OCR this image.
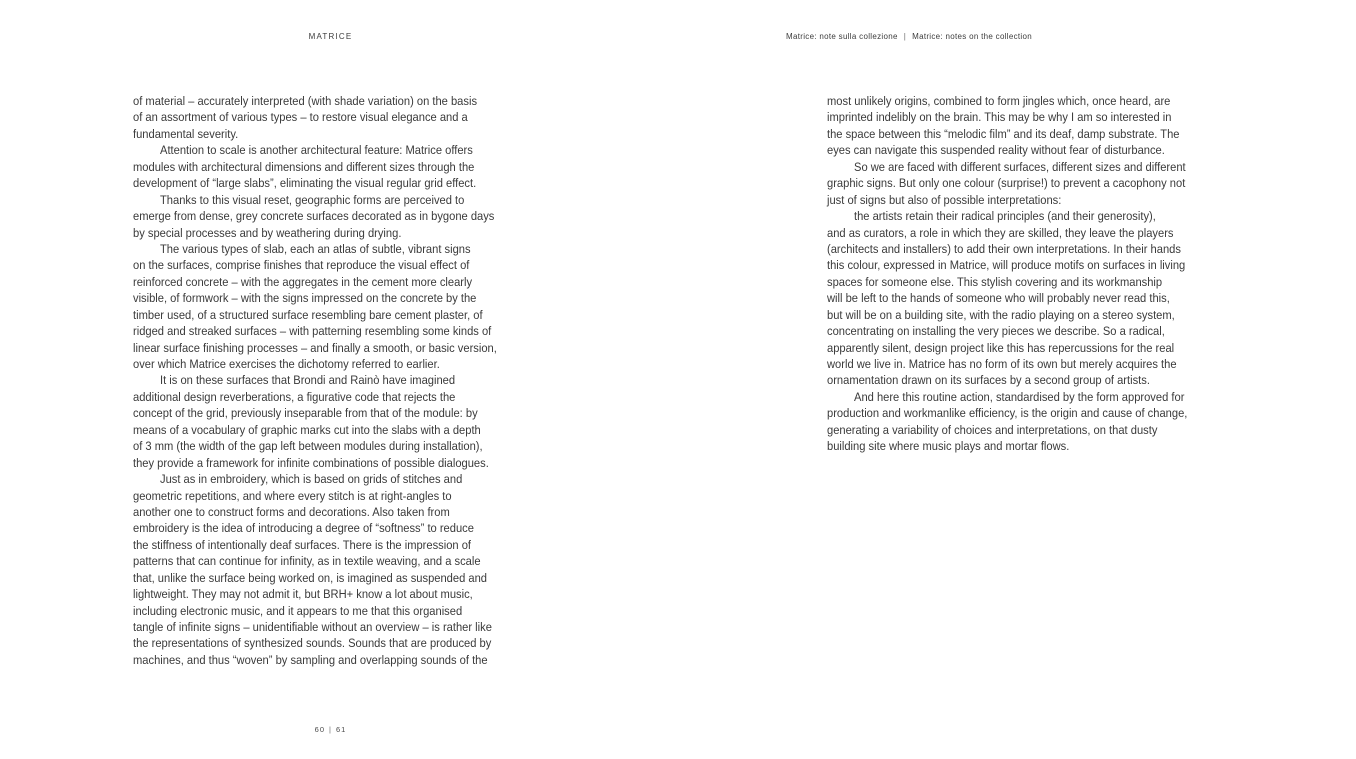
MATRICE	Matrice: note sulla collezione | Matrice: notes on the collection
of material – accurately interpreted (with shade variation) on the basis
of an assortment of various types – to restore visual elegance and a
fundamental severity.
Attention to scale is another architectural feature: Matrice offers
modules with architectural dimensions and different sizes through the
development of “large slabs”, eliminating the visual regular grid effect.
Thanks to this visual reset, geographic forms are perceived to
emerge from dense, grey concrete surfaces decorated as in bygone days
by special processes and by weathering during drying.
The various types of slab, each an atlas of subtle, vibrant signs
on the surfaces, comprise finishes that reproduce the visual effect of
reinforced concrete – with the aggregates in the cement more clearly
visible, of formwork – with the signs impressed on the concrete by the
timber used, of a structured surface resembling bare cement plaster, of
ridged and streaked surfaces – with patterning resembling some kinds of
linear surface finishing processes – and finally a smooth, or basic version,
over which Matrice exercises the dichotomy referred to earlier.
It is on these surfaces that Brondi and Rainò have imagined
additional design reverberations, a figurative code that rejects the
concept of the grid, previously inseparable from that of the module: by
means of a vocabulary of graphic marks cut into the slabs with a depth
of 3 mm (the width of the gap left between modules during installation),
they provide a framework for infinite combinations of possible dialogues.
Just as in embroidery, which is based on grids of stitches and
geometric repetitions, and where every stitch is at right-angles to
another one to construct forms and decorations. Also taken from
embroidery is the idea of introducing a degree of “softness” to reduce
the stiffness of intentionally deaf surfaces. There is the impression of
patterns that can continue for infinity, as in textile weaving, and a scale
that, unlike the surface being worked on, is imagined as suspended and
lightweight. They may not admit it, but BRH+ know a lot about music,
including electronic music, and it appears to me that this organised
tangle of infinite signs – unidentifiable without an overview – is rather like
the representations of synthesized sounds. Sounds that are produced by
machines, and thus “woven” by sampling and overlapping sounds of the
most unlikely origins, combined to form jingles which, once heard, are
imprinted indelibly on the brain. This may be why I am so interested in
the space between this “melodic film” and its deaf, damp substrate. The
eyes can navigate this suspended reality without fear of disturbance.
So we are faced with different surfaces, different sizes and different
graphic signs. But only one colour (surprise!) to prevent a cacophony not
just of signs but also of possible interpretations:
the artists retain their radical principles (and their generosity),
and as curators, a role in which they are skilled, they leave the players
(architects and installers) to add their own interpretations. In their hands
this colour, expressed in Matrice, will produce motifs on surfaces in living
spaces for someone else. This stylish covering and its workmanship
will be left to the hands of someone who will probably never read this,
but will be on a building site, with the radio playing on a stereo system,
concentrating on installing the very pieces we describe. So a radical,
apparently silent, design project like this has repercussions for the real
world we live in. Matrice has no form of its own but merely acquires the
ornamentation drawn on its surfaces by a second group of artists.
And here this routine action, standardised by the form approved for
production and workmanlike efficiency, is the origin and cause of change,
generating a variability of choices and interpretations, on that dusty
building site where music plays and mortar flows.
60 | 61
